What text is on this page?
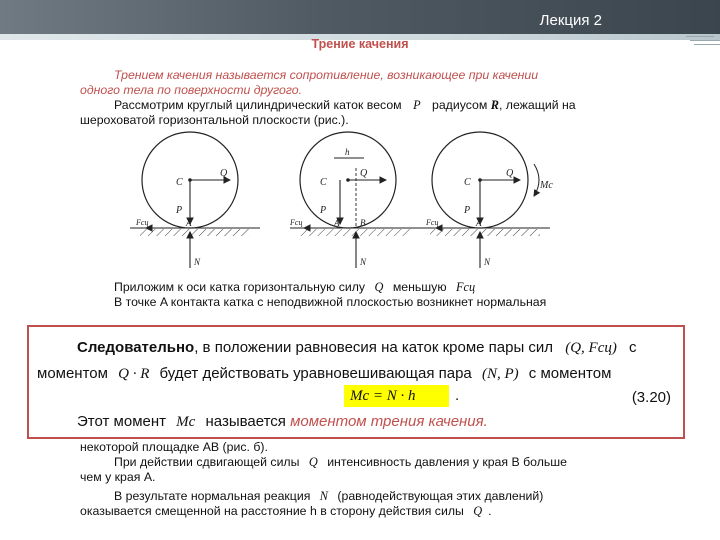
Лекция 2
Трение качения
Трением качения называется сопротивление, возникающее при качении
одного тела по поверхности другого.
Рассмотрим круглый цилиндрический каток весом P радиусом R, лежащий на
шероховатой горизонтальной плоскости (рис.).
C
Q
P
A
N
Fсц
h
C
Q
P
A B
N
Fсц
C
Q
P
A
N
Fсц
Mс
Приложим к оси катка горизонтальную силу Q меньшую Fсц
В точке A контакта катка с неподвижной плоскостью возникнет нормальная
Следовательно, в положении равновесия на каток кроме пары сил (Q, Fсц) с
моментом Q · R будет действовать уравновешивающая пара (N, P) с моментом
Mс = N · h	.	(3.20)
Этот момент Mс называется моментом трения качения.
некоторой площадке AB (рис. б).
При действии сдвигающей силы Q интенсивность давления у края B больше
чем у края A.
В результате нормальная реакция N (равнодействующая этих давлений)
оказывается смещенной на расстояние h в сторону действия силы Q .
